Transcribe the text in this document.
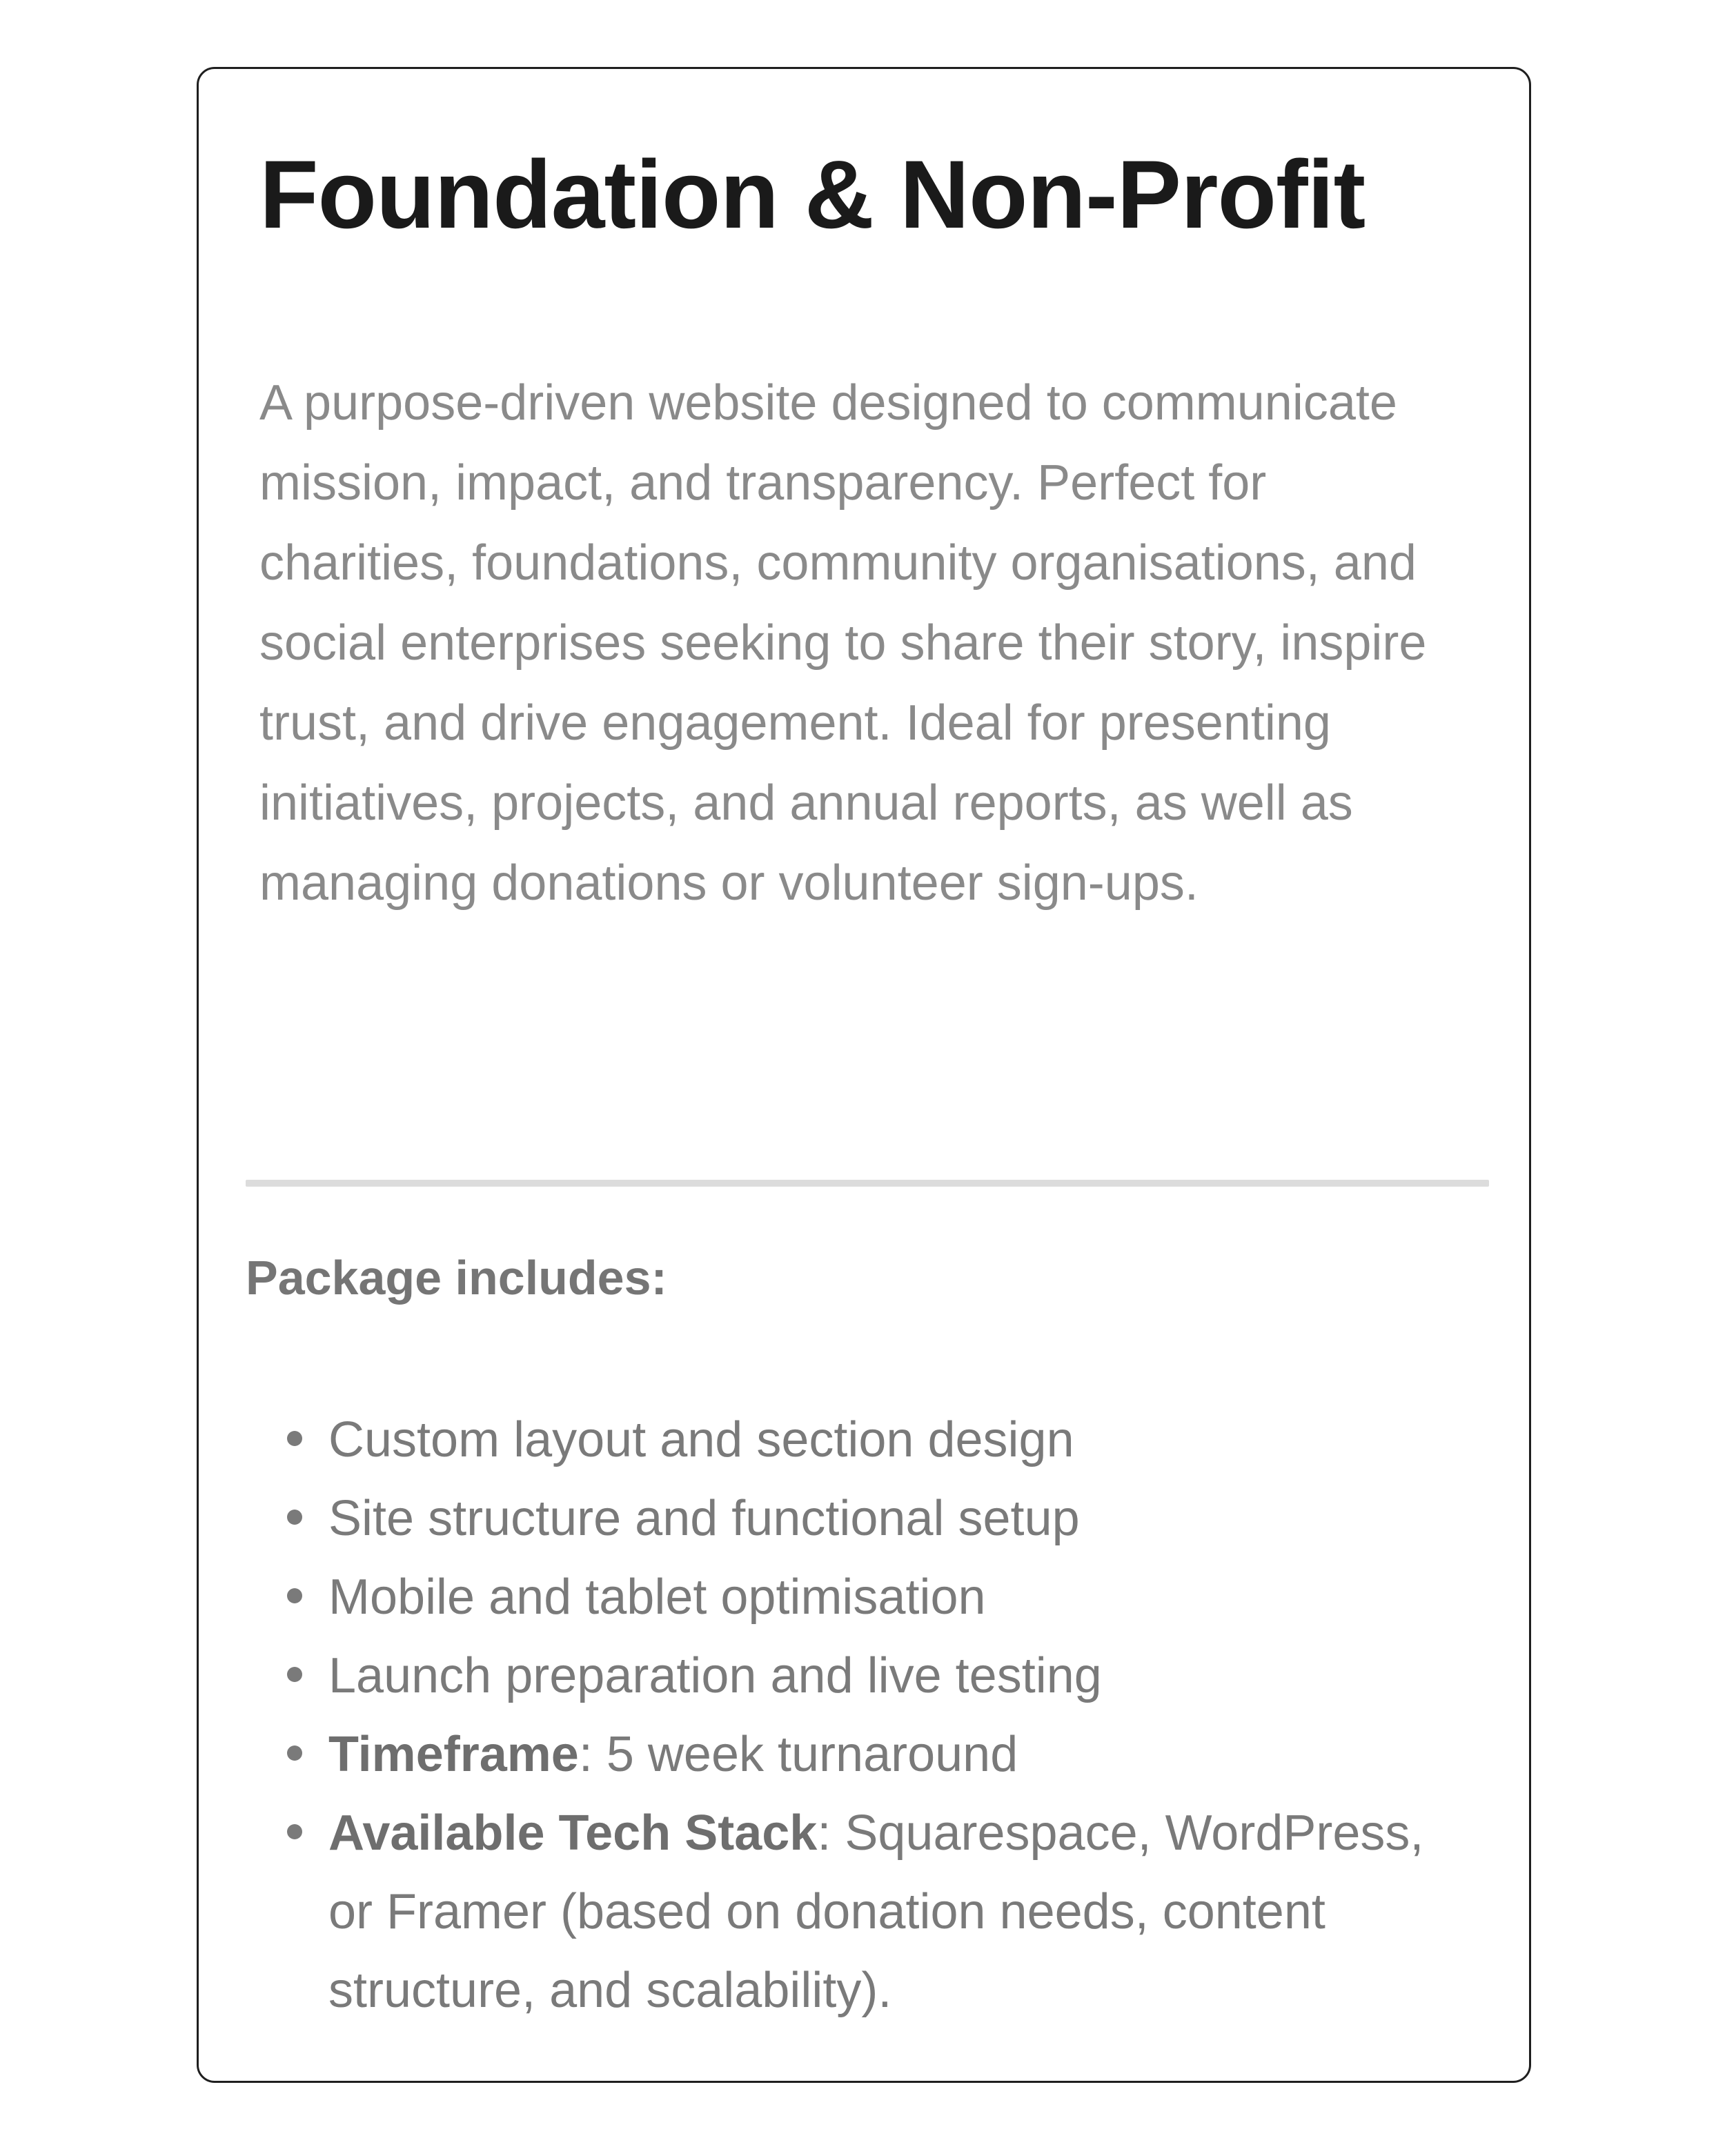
Foundation & Non-Profit

A purpose-driven website designed to communicate mission, impact, and transparency. Perfect for charities, foundations, community organisations, and social enterprises seeking to share their story, inspire trust, and drive engagement. Ideal for presenting initiatives, projects, and annual reports, as well as managing donations or volunteer sign-ups.

Package includes:
Custom layout and section design
Site structure and functional setup
Mobile and tablet optimisation
Launch preparation and live testing
Timeframe: 5 week turnaround
Available Tech Stack: Squarespace, WordPress, or Framer (based on donation needs, content structure, and scalability).
